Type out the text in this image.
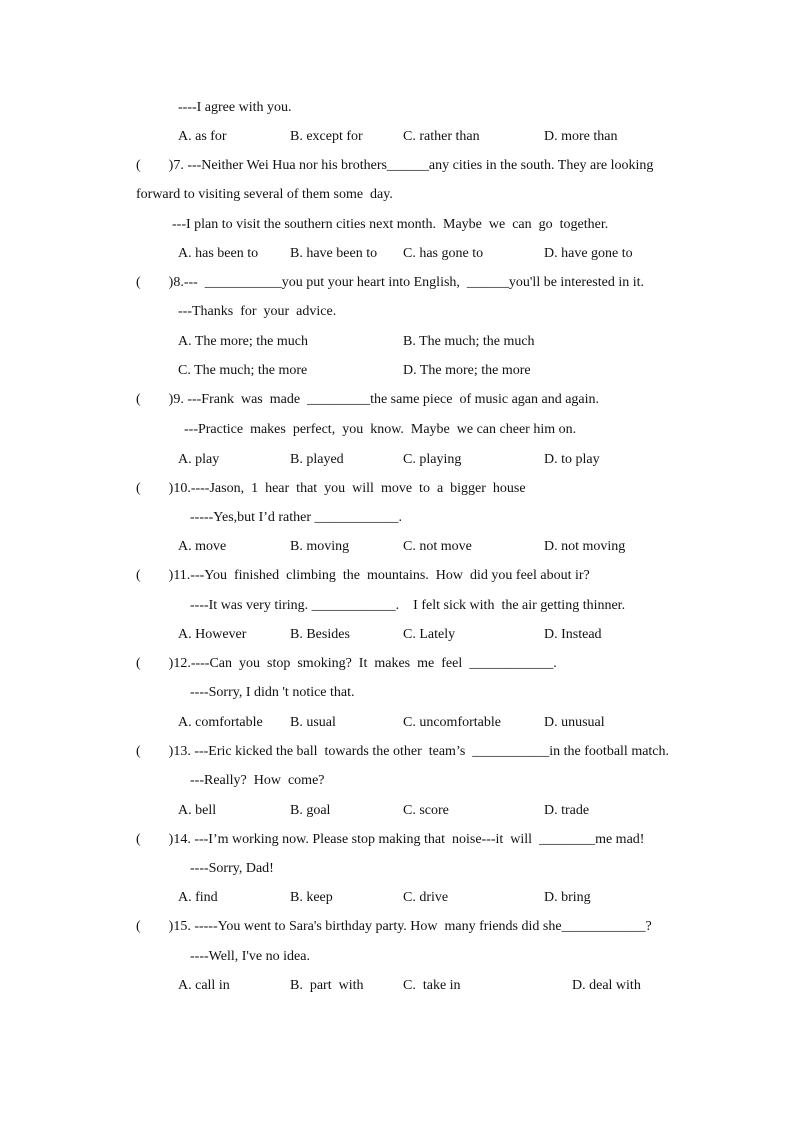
----I agree with you.
A. as for	B. except for	C. rather than	D. more than
(        )7. ---Neither Wei Hua nor his brothers______any cities in the south. They are looking
forward to visiting several of them some  day.
---I plan to visit the southern cities next month.  Maybe  we  can  go  together.
A. has been to B. have been to C. has gone to	D. have gone to
(        )8.---  ___________you put your heart into English,  ______you'll be interested in it.
---Thanks  for  your  advice.
A. The more; the much	B. The much; the much
C. The much; the more	D. The more; the more
(        )9. ---Frank  was  made  _________the same piece  of music agan and again.
---Practice  makes  perfect,  you  know.  Maybe  we can cheer him on.
A. play	B. played	C. playing	D. to play
(        )10.----Jason,  1  hear  that  you  will  move  to  a  bigger  house
-----Yes,but I’d rather ____________.
A. move	B. moving	C. not move	D. not moving
(        )11.---You  finished  climbing  the  mountains.  How  did you feel about ir?
----It was very tiring. ____________.    I felt sick with  the air getting thinner.
A. However	B. Besides	C. Lately	D. Instead
(        )12.----Can  you  stop  smoking?  It  makes  me  feel  ____________.
----Sorry, I didn 't notice that.
A. comfortable B. usual	C. uncomfortable	D. unusual
(        )13. ---Eric kicked the ball  towards the other  team’s  ___________in the football match.
---Really?  How  come?
A. bell	B. goal	C. score	D. trade
(        )14. ---I’m working now. Please stop making that  noise---it  will  ________me mad!
----Sorry, Dad!
A. find	B. keep	C. drive	D. bring
(        )15. -----You went to Sara's birthday party. How  many friends did she____________?
----Well, I've no idea.
A. call in	B.  part  with	C.  take in	D. deal with
